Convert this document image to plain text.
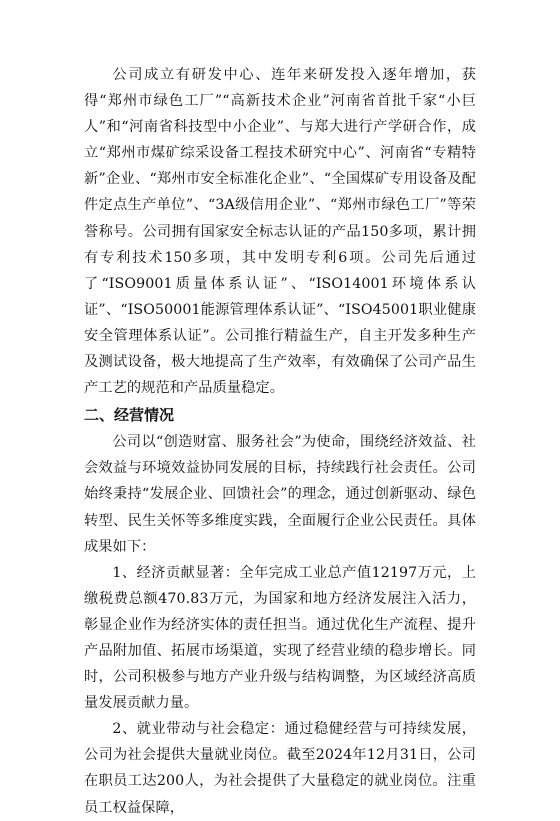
公司成立有研发中心、连年来研发投入逐年增加，获得“郑州市绿色工厂”“高新技术企业”河南省首批千家“小巨人”和“河南省科技型中小企业”、与郑大进行产学研合作，成立“郑州市煤矿综采设备工程技术研究中心”、河南省“专精特新”企业、“郑州市安全标准化企业”、“全国煤矿专用设备及配件定点生产单位”、“3A级信用企业”、“郑州市绿色工厂”等荣誉称号。公司拥有国家安全标志认证的产品150多项，累计拥有专利技术150多项，其中发明专利6项。公司先后通过了“ISO9001质量体系认证”、“ISO14001环境体系认证”、“ISO50001能源管理体系认证”、“ISO45001职业健康安全管理体系认证”。公司推行精益生产，自主开发多种生产及测试设备，极大地提高了生产效率，有效确保了公司产品生产工艺的规范和产品质量稳定。

二、经营情况

公司以“创造财富、服务社会”为使命，围绕经济效益、社会效益与环境效益协同发展的目标，持续践行社会责任。公司始终秉持“发展企业、回馈社会”的理念，通过创新驱动、绿色转型、民生关怀等多维度实践，全面履行企业公民责任。具体成果如下：

1、经济贡献显著：全年完成工业总产值12197万元，上缴税费总额470.83万元，为国家和地方经济发展注入活力，彰显企业作为经济实体的责任担当。通过优化生产流程、提升产品附加值、拓展市场渠道，实现了经营业绩的稳步增长。同时，公司积极参与地方产业升级与结构调整，为区域经济高质量发展贡献力量。

2、就业带动与社会稳定：通过稳健经营与可持续发展，公司为社会提供大量就业岗位。截至2024年12月31日，公司在职员工达200人，为社会提供了大量稳定的就业岗位。注重员工权益保障，
